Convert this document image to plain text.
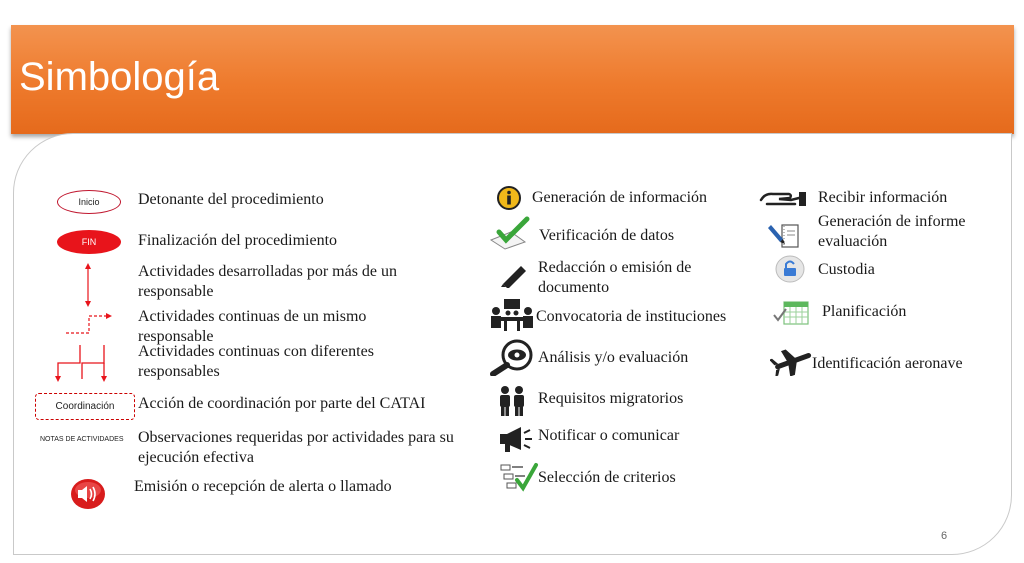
Simbología
Inicio
FIN
Coordinación
NOTAS DE ACTIVIDADES
Detonante del procedimiento
Finalización del procedimiento
Actividades desarrolladas por más de un responsable
Actividades continuas de un mismo responsable
Actividades continuas con diferentes responsables
Acción de coordinación por parte del CATAI
Observaciones requeridas por actividades para su ejecución efectiva
Emisión o recepción de alerta o llamado
Generación de información
Verificación de datos
Redacción o emisión de documento
Convocatoria de instituciones
Análisis y/o evaluación
Requisitos migratorios
Notificar o comunicar
Selección de criterios
Recibir información
Generación de informe evaluación
Custodia
Planificación
Identificación aeronave
6
